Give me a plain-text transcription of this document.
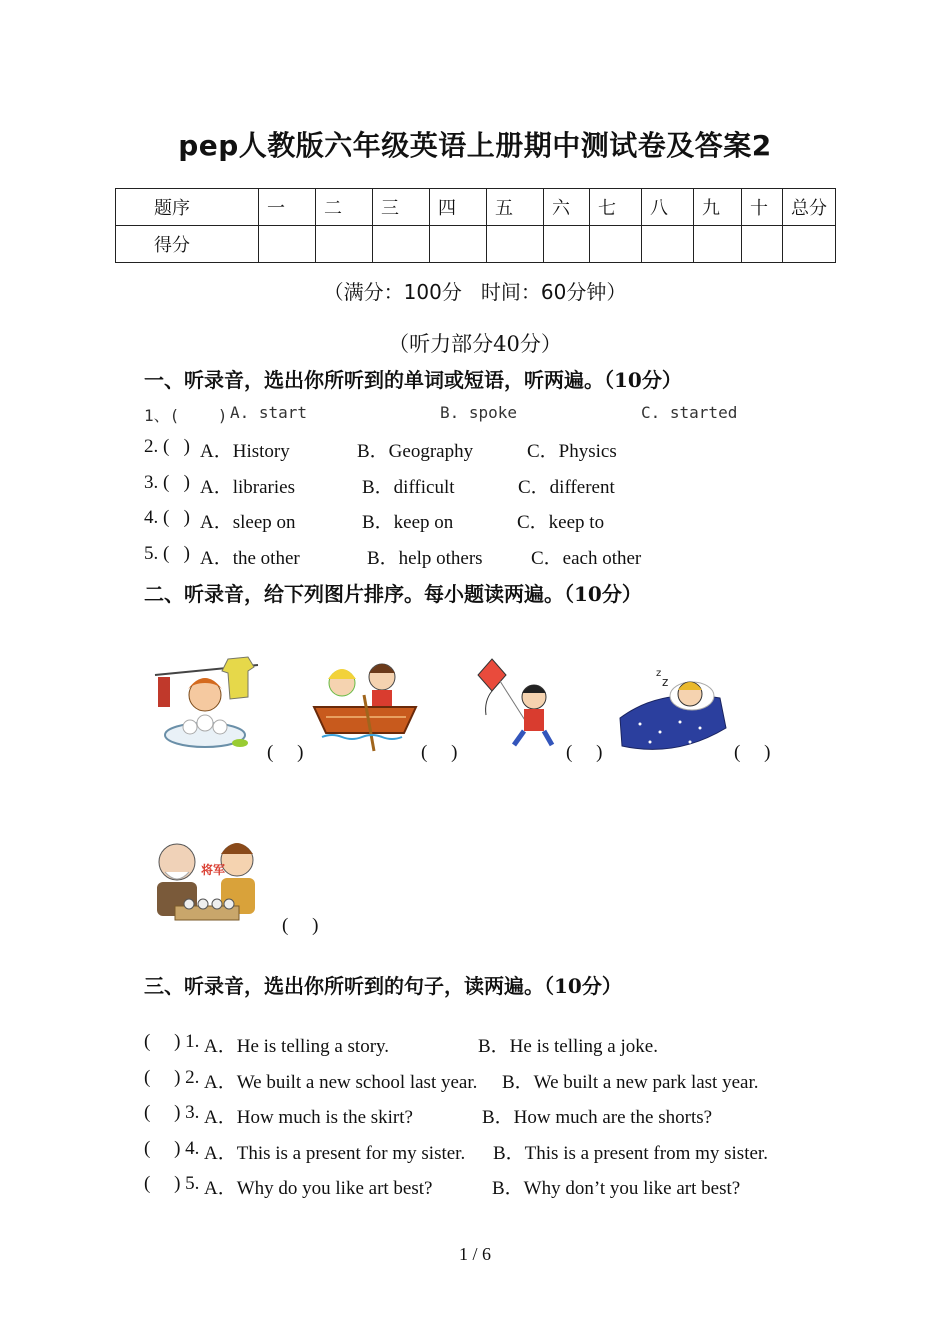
pep人教版六年级英语上册期中测试卷及答案2
题序	一	二	三	四	五	六	七	八	九	十	总分
得分											
（满分：100分   时间：60分钟）
（听力部分40分）
一、听录音，选出你所听到的单词或短语，听两遍。（10分）
1、(    ) A. start	B. spoke	C. started
2. (   ) A．History	B．Geography	C．Physics
3. (   ) A．libraries	B．difficult	C．different
4. (   ) A．sleep on	B．keep on	C．keep to
5. (   ) A．the other	B．help others	C．each other
二、听录音，给下列图片排序。每小题读两遍。（10分）
(     )	(     )	(     )
z
z
(     )
将军
(     )
三、听录音，选出你所听到的句子，读两遍。（10分）
(     ) 1. A．He is telling a story.	B．He is telling a joke.
(     ) 2. A．We built a new school last year. B．We built a new park last year.
(     ) 3. A．How much is the skirt?	B．How much are the shorts?
(     ) 4. A．This is a present for my sister. B．This is a present from my sister.
(     ) 5. A．Why do you like art best?	B．Why don’t you like art best?
1 / 6
